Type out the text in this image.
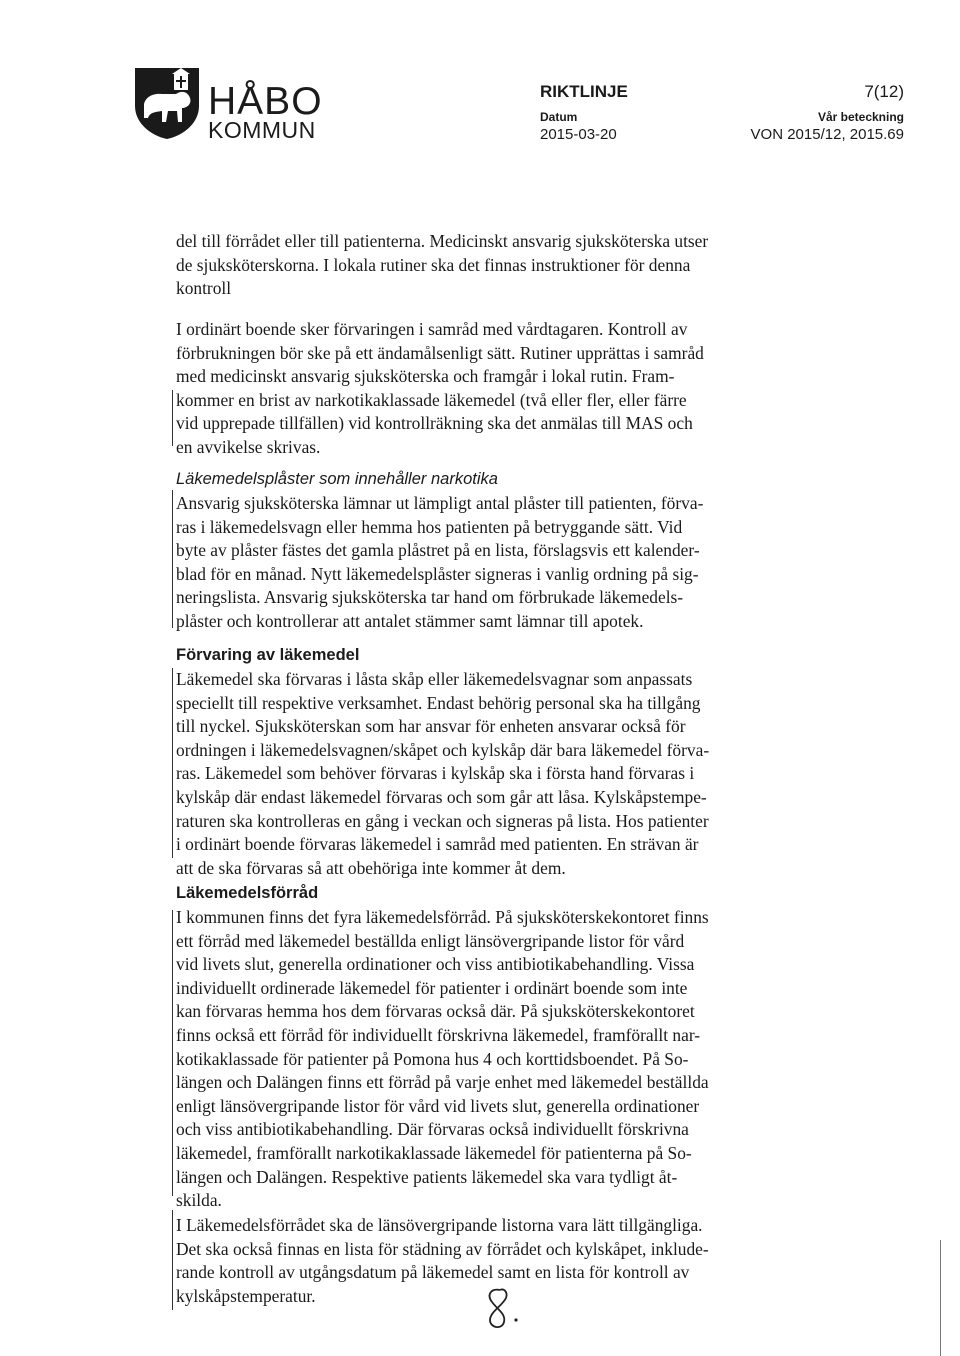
HÅBO
KOMMUN
RIKTLINJE	7(12)
Datum
2015-03-20
Vår beteckning
VON 2015/12, 2015.69
del till förrådet eller till patienterna. Medicinskt ansvarig sjuksköterska utser
de sjuksköterskorna. I lokala rutiner ska det finnas instruktioner för denna
kontroll
I ordinärt boende sker förvaringen i samråd med vårdtagaren. Kontroll av
förbrukningen bör ske på ett ändamålsenligt sätt. Rutiner upprättas i samråd
med medicinskt ansvarig sjuksköterska och framgår i lokal rutin. Fram-
kommer en brist av narkotikaklassade läkemedel (två eller fler, eller färre
vid upprepade tillfällen) vid kontrollräkning ska det anmälas till MAS och
en avvikelse skrivas.
Läkemedelsplåster som innehåller narkotika
Ansvarig sjuksköterska lämnar ut lämpligt antal plåster till patienten, förva-
ras i läkemedelsvagn eller hemma hos patienten på betryggande sätt. Vid
byte av plåster fästes det gamla plåstret på en lista, förslagsvis ett kalender-
blad för en månad. Nytt läkemedelsplåster signeras i vanlig ordning på sig-
neringslista. Ansvarig sjuksköterska tar hand om förbrukade läkemedels-
plåster och kontrollerar att antalet stämmer samt lämnar till apotek.
Förvaring av läkemedel
Läkemedel ska förvaras i låsta skåp eller läkemedelsvagnar som anpassats
speciellt till respektive verksamhet. Endast behörig personal ska ha tillgång
till nyckel. Sjuksköterskan som har ansvar för enheten ansvarar också för
ordningen i läkemedelsvagnen/skåpet och kylskåp där bara läkemedel förva-
ras. Läkemedel som behöver förvaras i kylskåp ska i första hand förvaras i
kylskåp där endast läkemedel förvaras och som går att låsa. Kylskåpstempe-
raturen ska kontrolleras en gång i veckan och signeras på lista. Hos patienter
i ordinärt boende förvaras läkemedel i samråd med patienten. En strävan är
att de ska förvaras så att obehöriga inte kommer åt dem.
Läkemedelsförråd
I kommunen finns det fyra läkemedelsförråd. På sjuksköterskekontoret finns
ett förråd med läkemedel beställda enligt länsövergripande listor för vård
vid livets slut, generella ordinationer och viss antibiotikabehandling. Vissa
individuellt ordinerade läkemedel för patienter i ordinärt boende som inte
kan förvaras hemma hos dem förvaras också där. På sjuksköterskekontoret
finns också ett förråd för individuellt förskrivna läkemedel, framförallt nar-
kotikaklassade för patienter på Pomona hus 4 och korttidsboendet. På So-
längen och Dalängen finns ett förråd på varje enhet med läkemedel beställda
enligt länsövergripande listor för vård vid livets slut, generella ordinationer
och viss antibiotikabehandling. Där förvaras också individuellt förskrivna
läkemedel, framförallt narkotikaklassade läkemedel för patienterna på So-
längen och Dalängen. Respektive patients läkemedel ska vara tydligt åt-
skilda.
I Läkemedelsförrådet ska de länsövergripande listorna vara lätt tillgängliga.
Det ska också finnas en lista för städning av förrådet och kylskåpet, inklude-
rande kontroll av utgångsdatum på läkemedel samt en lista för kontroll av
kylskåpstemperatur.
